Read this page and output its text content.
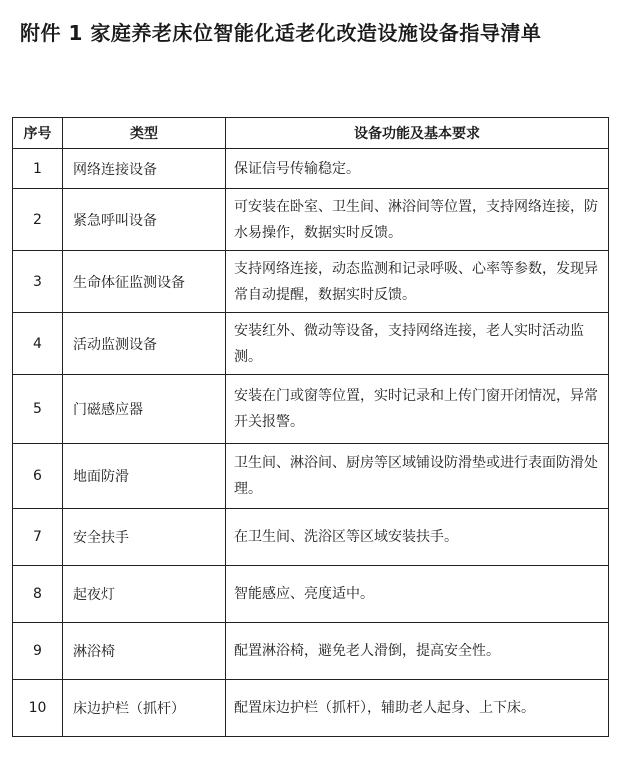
附件 1 家庭养老床位智能化适老化改造设施设备指导清单
序号	类型	设备功能及基本要求
1	网络连接设备	保证信号传输稳定。
2	紧急呼叫设备	可安装在卧室、卫生间、淋浴间等位置，支持网络连接，防水易操作，数据实时反馈。
3	生命体征监测设备	支持网络连接，动态监测和记录呼吸、心率等参数，发现异常自动提醒，数据实时反馈。
4	活动监测设备	安装红外、微动等设备，支持网络连接，老人实时活动监测。
5	门磁感应器	安装在门或窗等位置，实时记录和上传门窗开闭情况，异常开关报警。
6	地面防滑	卫生间、淋浴间、厨房等区域铺设防滑垫或进行表面防滑处理。
7	安全扶手	在卫生间、洗浴区等区域安装扶手。
8	起夜灯	智能感应、亮度适中。
9	淋浴椅	配置淋浴椅，避免老人滑倒，提高安全性。
10	床边护栏（抓杆）	配置床边护栏（抓杆），辅助老人起身、上下床。
